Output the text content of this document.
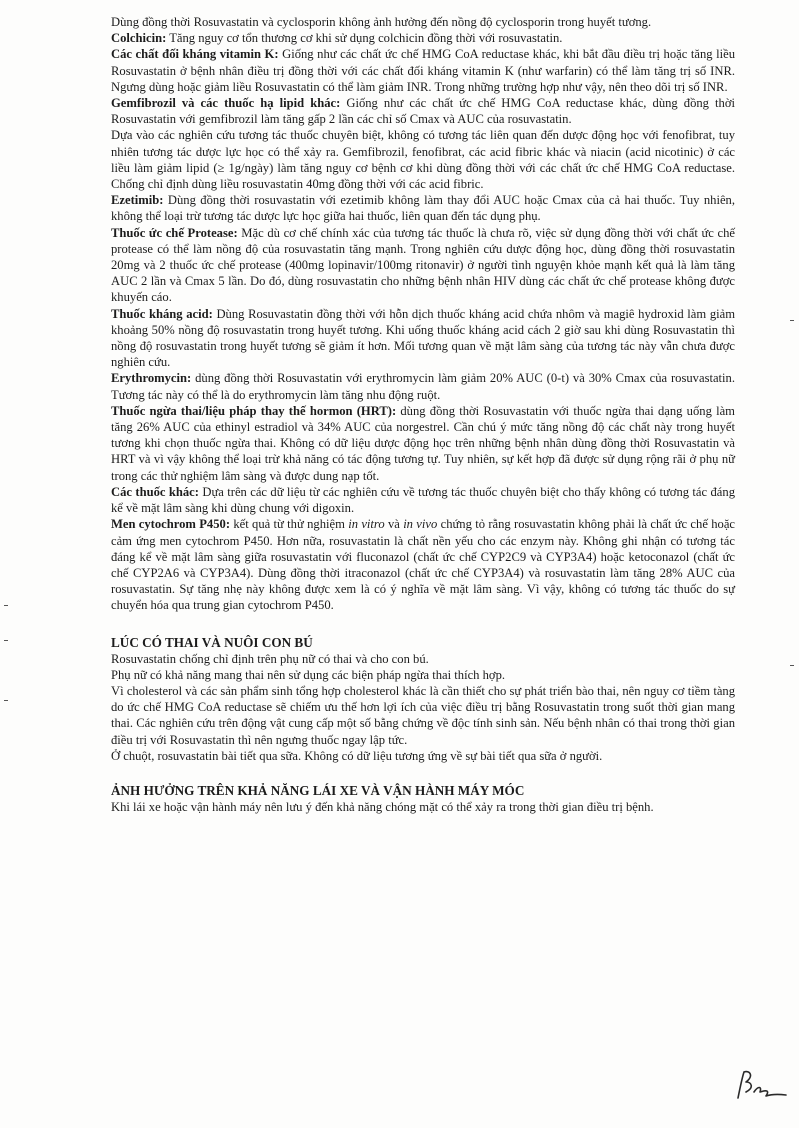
Dùng đồng thời Rosuvastatin và cyclosporin không ảnh hưởng đến nồng độ cyclosporin trong huyết tương.

Colchicin: Tăng nguy cơ tổn thương cơ khi sử dụng colchicin đồng thời với rosuvastatin.

Các chất đối kháng vitamin K: Giống như các chất ức chế HMG CoA reductase khác, khi bắt đầu điều trị hoặc tăng liều Rosuvastatin ở bệnh nhân điều trị đồng thời với các chất đối kháng vitamin K (như warfarin) có thể làm tăng trị số INR. Ngưng dùng hoặc giảm liều Rosuvastatin có thể làm giảm INR. Trong những trường hợp như vậy, nên theo dõi trị số INR.

Gemfibrozil và các thuốc hạ lipid khác: Giống như các chất ức chế HMG CoA reductase khác, dùng đồng thời Rosuvastatin với gemfibrozil làm tăng gấp 2 lần các chỉ số Cmax và AUC của rosuvastatin.

Dựa vào các nghiên cứu tương tác thuốc chuyên biệt, không có tương tác liên quan đến dược động học với fenofibrat, tuy nhiên tương tác dược lực học có thể xảy ra. Gemfibrozil, fenofibrat, các acid fibric khác và niacin (acid nicotinic) ở các liều làm giảm lipid (≥ 1g/ngày) làm tăng nguy cơ bệnh cơ khi dùng đồng thời với các chất ức chế HMG CoA reductase. Chống chỉ định dùng liều rosuvastatin 40mg đồng thời với các acid fibric.

Ezetimib: Dùng đồng thời rosuvastatin với ezetimib không làm thay đổi AUC hoặc Cmax của cả hai thuốc. Tuy nhiên, không thể loại trừ tương tác dược lực học giữa hai thuốc, liên quan đến tác dụng phụ.

Thuốc ức chế Protease: Mặc dù cơ chế chính xác của tương tác thuốc là chưa rõ, việc sử dụng đồng thời với chất ức chế protease có thể làm nồng độ của rosuvastatin tăng mạnh. Trong nghiên cứu dược động học, dùng đồng thời rosuvastatin 20mg và 2 thuốc ức chế protease (400mg lopinavir/100mg ritonavir) ở người tình nguyện khỏe mạnh kết quả là làm tăng AUC 2 lần và Cmax 5 lần. Do đó, dùng rosuvastatin cho những bệnh nhân HIV dùng các chất ức chế protease không được khuyến cáo.

Thuốc kháng acid: Dùng Rosuvastatin đồng thời với hỗn dịch thuốc kháng acid chứa nhôm và magiê hydroxid làm giảm khoảng 50% nồng độ rosuvastatin trong huyết tương. Khi uống thuốc kháng acid cách 2 giờ sau khi dùng Rosuvastatin thì nồng độ rosuvastatin trong huyết tương sẽ giảm ít hơn. Mối tương quan về mặt lâm sàng của tương tác này vẫn chưa được nghiên cứu.

Erythromycin: dùng đồng thời Rosuvastatin với erythromycin làm giảm 20% AUC (0-t) và 30% Cmax của rosuvastatin. Tương tác này có thể là do erythromycin làm tăng nhu động ruột.

Thuốc ngừa thai/liệu pháp thay thế hormon (HRT): dùng đồng thời Rosuvastatin với thuốc ngừa thai dạng uống làm tăng 26% AUC của ethinyl estradiol và 34% AUC của norgestrel. Cần chú ý mức tăng nồng độ các chất này trong huyết tương khi chọn thuốc ngừa thai. Không có dữ liệu dược động học trên những bệnh nhân dùng đồng thời Rosuvastatin và HRT và vì vậy không thể loại trừ khả năng có tác động tương tự. Tuy nhiên, sự kết hợp đã được sử dụng rộng rãi ở phụ nữ trong các thử nghiệm lâm sàng và được dung nạp tốt.

Các thuốc khác: Dựa trên các dữ liệu từ các nghiên cứu về tương tác thuốc chuyên biệt cho thấy không có tương tác đáng kể về mặt lâm sàng khi dùng chung với digoxin.

Men cytochrom P450: kết quả từ thử nghiệm in vitro và in vivo chứng tỏ rằng rosuvastatin không phải là chất ức chế hoặc cảm ứng men cytochrom P450. Hơn nữa, rosuvastatin là chất nền yếu cho các enzym này. Không ghi nhận có tương tác đáng kể về mặt lâm sàng giữa rosuvastatin với fluconazol (chất ức chế CYP2C9 và CYP3A4) hoặc ketoconazol (chất ức chế CYP2A6 và CYP3A4). Dùng đồng thời itraconazol (chất ức chế CYP3A4) và rosuvastatin làm tăng 28% AUC của rosuvastatin. Sự tăng nhẹ này không được xem là có ý nghĩa về mặt lâm sàng. Vì vậy, không có tương tác thuốc do sự chuyển hóa qua trung gian cytochrom P450.

LÚC CÓ THAI VÀ NUÔI CON BÚ

Rosuvastatin chống chỉ định trên phụ nữ có thai và cho con bú.

Phụ nữ có khả năng mang thai nên sử dụng các biện pháp ngừa thai thích hợp.

Vì cholesterol và các sản phẩm sinh tổng hợp cholesterol khác là cần thiết cho sự phát triển bào thai, nên nguy cơ tiềm tàng do ức chế HMG CoA reductase sẽ chiếm ưu thế hơn lợi ích của việc điều trị bằng Rosuvastatin trong suốt thời gian mang thai. Các nghiên cứu trên động vật cung cấp một số bằng chứng về độc tính sinh sản. Nếu bệnh nhân có thai trong thời gian điều trị với Rosuvastatin thì nên ngưng thuốc ngay lập tức.

Ở chuột, rosuvastatin bài tiết qua sữa. Không có dữ liệu tương ứng về sự bài tiết qua sữa ở người.

ẢNH HƯỞNG TRÊN KHẢ NĂNG LÁI XE VÀ VẬN HÀNH MÁY MÓC

Khi lái xe hoặc vận hành máy nên lưu ý đến khả năng chóng mặt có thể xảy ra trong thời gian điều trị bệnh.
